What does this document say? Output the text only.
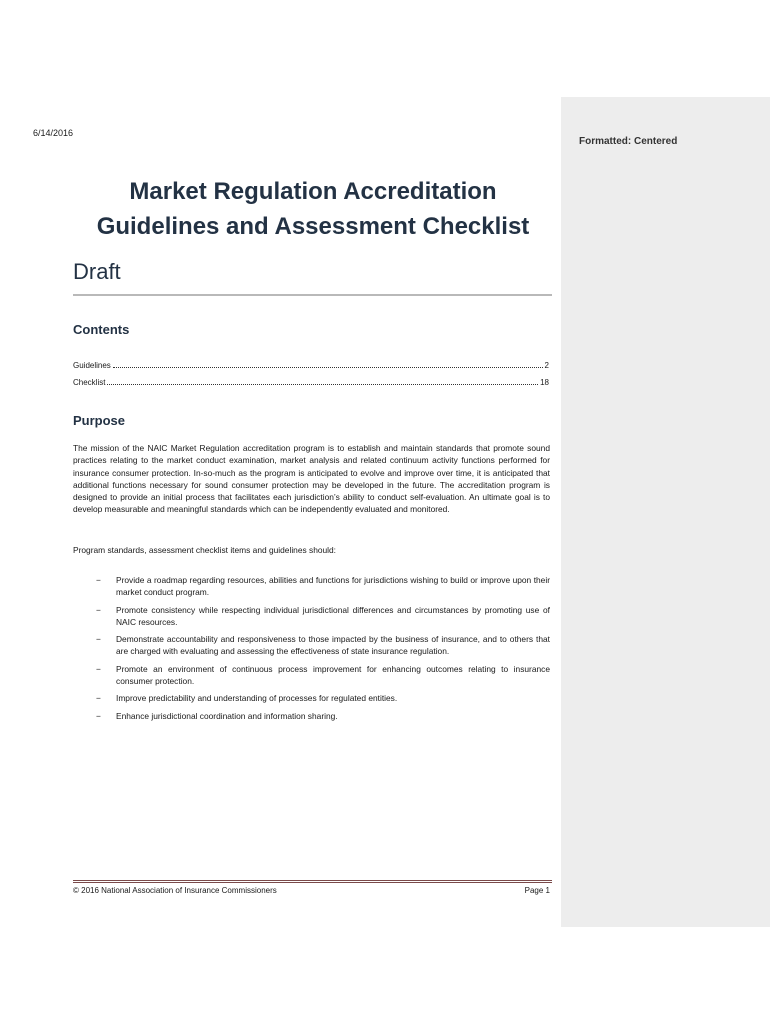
Formatted: Centered
6/14/2016
Market Regulation Accreditation
Guidelines and Assessment Checklist
Draft
Contents
Guidelines	2
Checklist	18
Purpose
The mission of the NAIC Market Regulation accreditation program is to establish and maintain standards that promote sound practices relating to the market conduct examination, market analysis and related continuum activity functions performed for insurance consumer protection. In-so-much as the program is anticipated to evolve and improve over time, it is anticipated that additional functions necessary for sound consumer protection may be developed in the future. The accreditation program is designed to provide an initial process that facilitates each jurisdiction’s ability to conduct self-evaluation. An ultimate goal is to develop measurable and meaningful standards which can be independently evaluated and monitored.
Program standards, assessment checklist items and guidelines should:
− Provide a roadmap regarding resources, abilities and functions for jurisdictions wishing to build or improve upon their market conduct program.
− Promote consistency while respecting individual jurisdictional differences and circumstances by promoting use of NAIC resources.
− Demonstrate accountability and responsiveness to those impacted by the business of insurance, and to others that are charged with evaluating and assessing the effectiveness of state insurance regulation.
− Promote an environment of continuous process improvement for enhancing outcomes relating to insurance consumer protection.
− Improve predictability and understanding of processes for regulated entities.
− Enhance jurisdictional coordination and information sharing.
© 2016 National Association of Insurance Commissioners	Page 1
